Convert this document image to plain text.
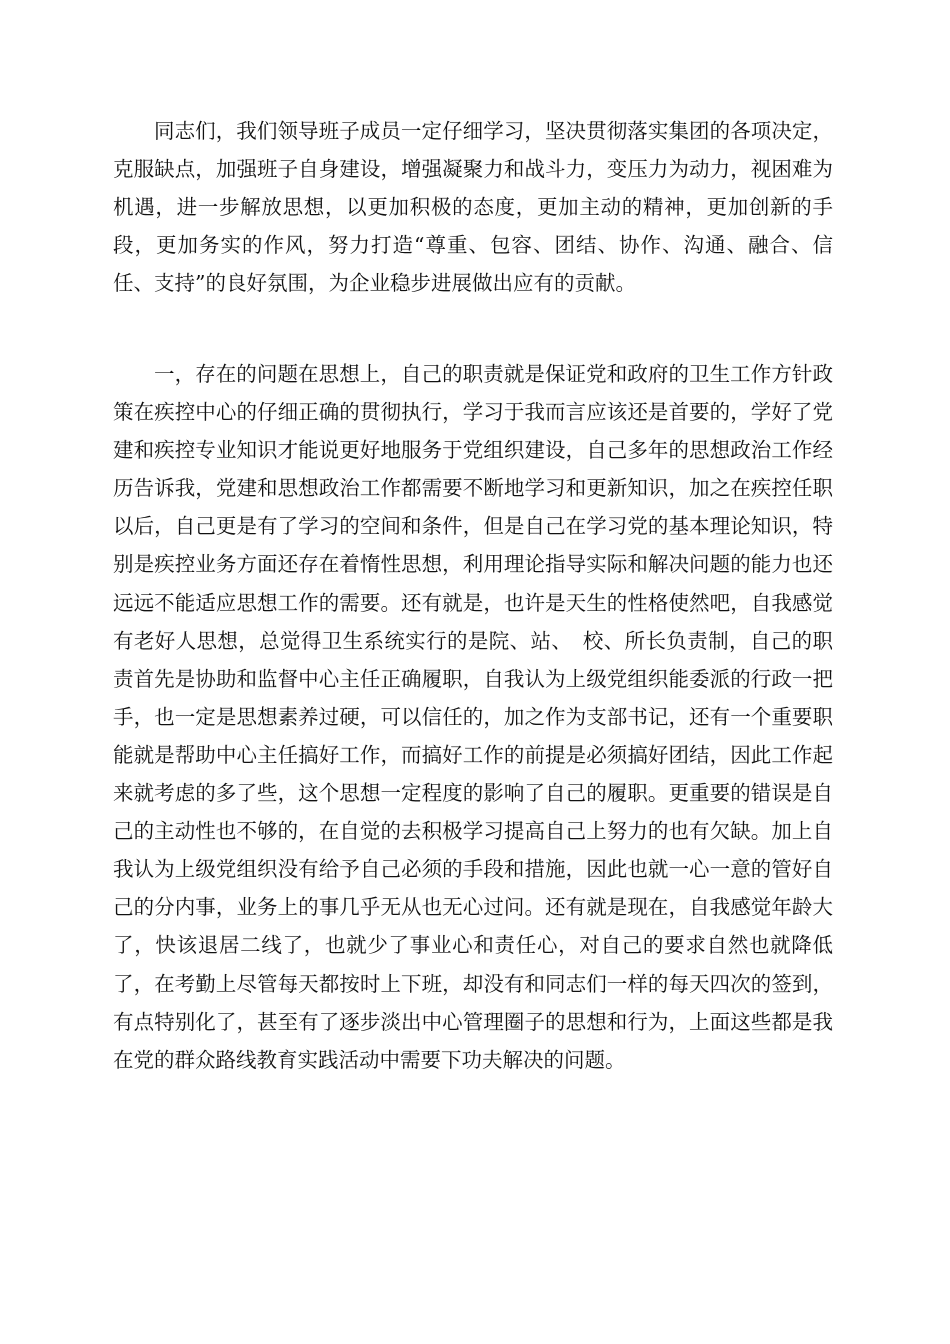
同志们，我们领导班子成员一定仔细学习，坚决贯彻落实集团的各项决定，克服缺点，加强班子自身建设，增强凝聚力和战斗力，变压力为动力，视困难为机遇，进一步解放思想，以更加积极的态度，更加主动的精神，更加创新的手段，更加务实的作风，努力打造“尊重、包容、团结、协作、沟通、融合、信任、支持”的良好氛围，为企业稳步进展做出应有的贡献。

一，存在的问题在思想上，自己的职责就是保证党和政府的卫生工作方针政策在疾控中心的仔细正确的贯彻执行，学习于我而言应该还是首要的，学好了党建和疾控专业知识才能说更好地服务于党组织建设，自己多年的思想政治工作经历告诉我，党建和思想政治工作都需要不断地学习和更新知识，加之在疾控任职以后，自己更是有了学习的空间和条件，但是自己在学习党的基本理论知识，特别是疾控业务方面还存在着惰性思想，利用理论指导实际和解决问题的能力也还远远不能适应思想工作的需要。还有就是，也许是天生的性格使然吧，自我感觉有老好人思想，总觉得卫生系统实行的是院、站、　校、所长负责制，自己的职责首先是协助和监督中心主任正确履职，自我认为上级党组织能委派的行政一把手，也一定是思想素养过硬，可以信任的，加之作为支部书记，还有一个重要职能就是帮助中心主任搞好工作，而搞好工作的前提是必须搞好团结，因此工作起来就考虑的多了些，这个思想一定程度的影响了自己的履职。更重要的错误是自己的主动性也不够的，在自觉的去积极学习提高自己上努力的也有欠缺。加上自我认为上级党组织没有给予自己必须的手段和措施，因此也就一心一意的管好自己的分内事，业务上的事几乎无从也无心过问。还有就是现在，自我感觉年龄大了，快该退居二线了，也就少了事业心和责任心，对自己的要求自然也就降低了，在考勤上尽管每天都按时上下班，却没有和同志们一样的每天四次的签到，有点特别化了，甚至有了逐步淡出中心管理圈子的思想和行为，上面这些都是我在党的群众路线教育实践活动中需要下功夫解决的问题。
